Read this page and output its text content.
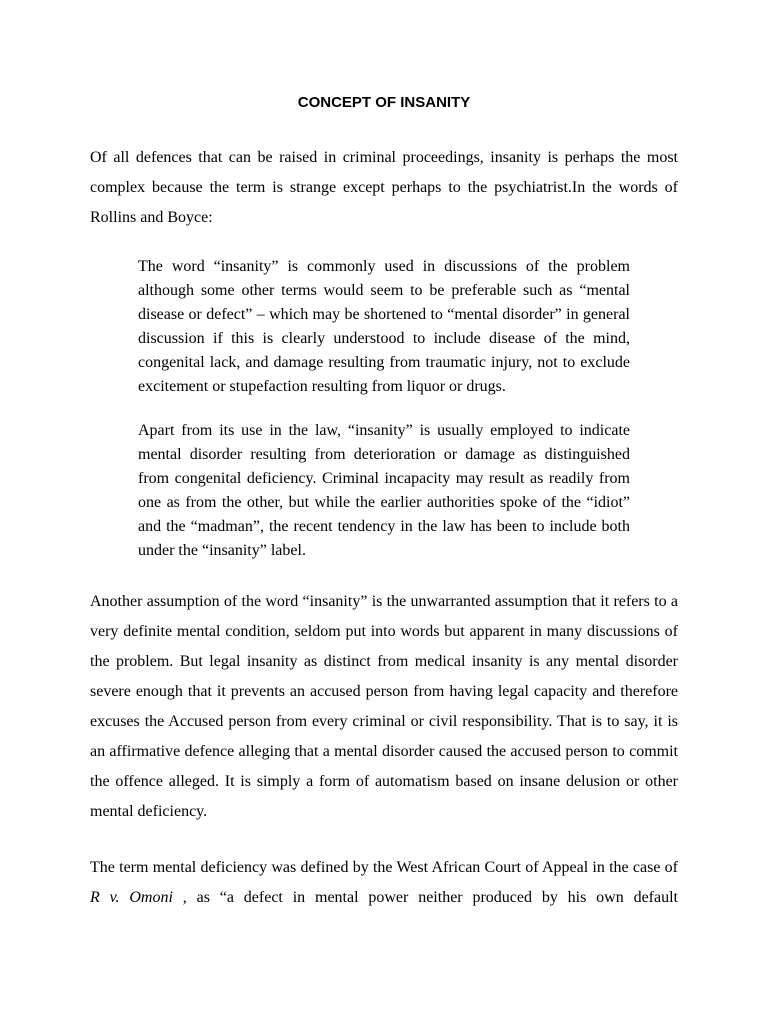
CONCEPT OF INSANITY

Of all defences that can be raised in criminal proceedings, insanity is perhaps the most complex because the term is strange except perhaps to the psychiatrist.In the words of Rollins and Boyce:

The word “insanity” is commonly used in discussions of the problem although some other terms would seem to be preferable such as “mental disease or defect” – which may be shortened to “mental disorder” in general discussion if this is clearly understood to include disease of the mind, congenital lack, and damage resulting from traumatic injury, not to exclude excitement or stupefaction resulting from liquor or drugs.

Apart from its use in the law, “insanity” is usually employed to indicate mental disorder resulting from deterioration or damage as distinguished from congenital deficiency. Criminal incapacity may result as readily from one as from the other, but while the earlier authorities spoke of the “idiot” and the “madman”, the recent tendency in the law has been to include both under the “insanity” label.

Another assumption of the word “insanity” is the unwarranted assumption that it refers to a very definite mental condition, seldom put into words but apparent in many discussions of the problem. But legal insanity as distinct from medical insanity is any mental disorder severe enough that it prevents an accused person from having legal capacity and therefore excuses the Accused person from every criminal or civil responsibility. That is to say, it is an affirmative defence alleging that a mental disorder caused the accused person to commit the offence alleged. It is simply a form of automatism based on insane delusion or other mental deficiency.

The term mental deficiency was defined by the West African Court of Appeal in the case of R v. Omoni , as “a defect in mental power neither produced by his own default
